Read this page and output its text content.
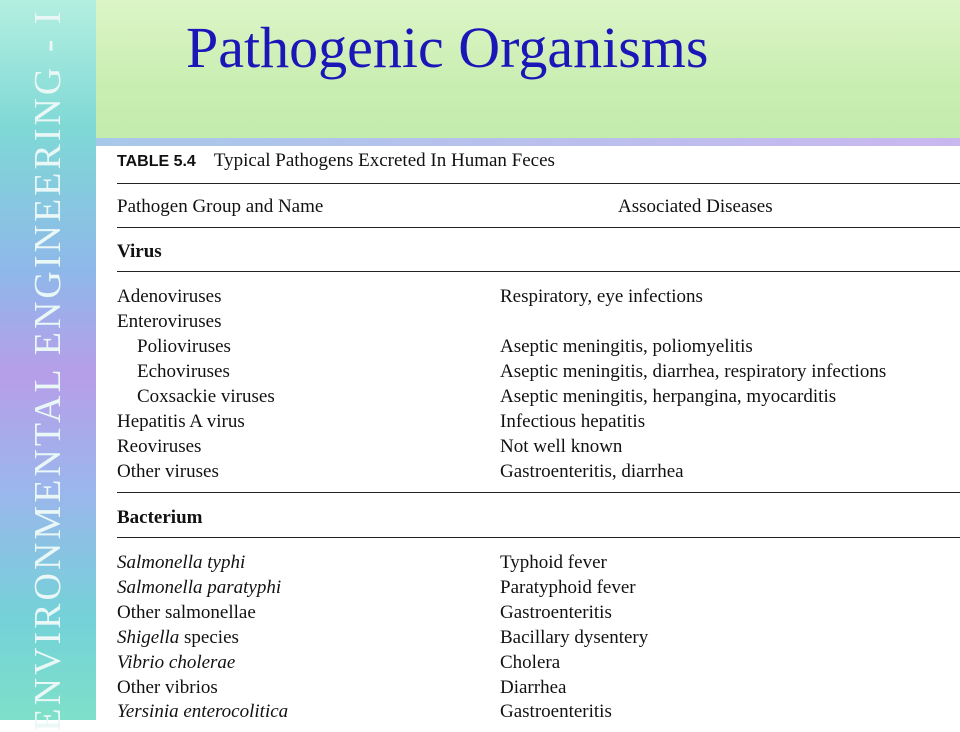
ENVIRONMENTAL ENGINEERING - I Pathogenic Organisms
TABLE 5.4 Typical Pathogens Excreted In Human Feces
Pathogen Group and Name	Associated Diseases
Virus
Adenoviruses	Respiratory, eye infections
Enteroviruses
Polioviruses	Aseptic meningitis, poliomyelitis
Echoviruses	Aseptic meningitis, diarrhea, respiratory infections
Coxsackie viruses	Aseptic meningitis, herpangina, myocarditis
Hepatitis A virus	Infectious hepatitis
Reoviruses	Not well known
Other viruses	Gastroenteritis, diarrhea
Bacterium
Salmonella typhi	Typhoid fever
Salmonella paratyphi	Paratyphoid fever
Other salmonellae	Gastroenteritis
Shigella species	Bacillary dysentery
Vibrio cholerae	Cholera
Other vibrios	Diarrhea
Yersinia enterocolitica	Gastroenteritis
